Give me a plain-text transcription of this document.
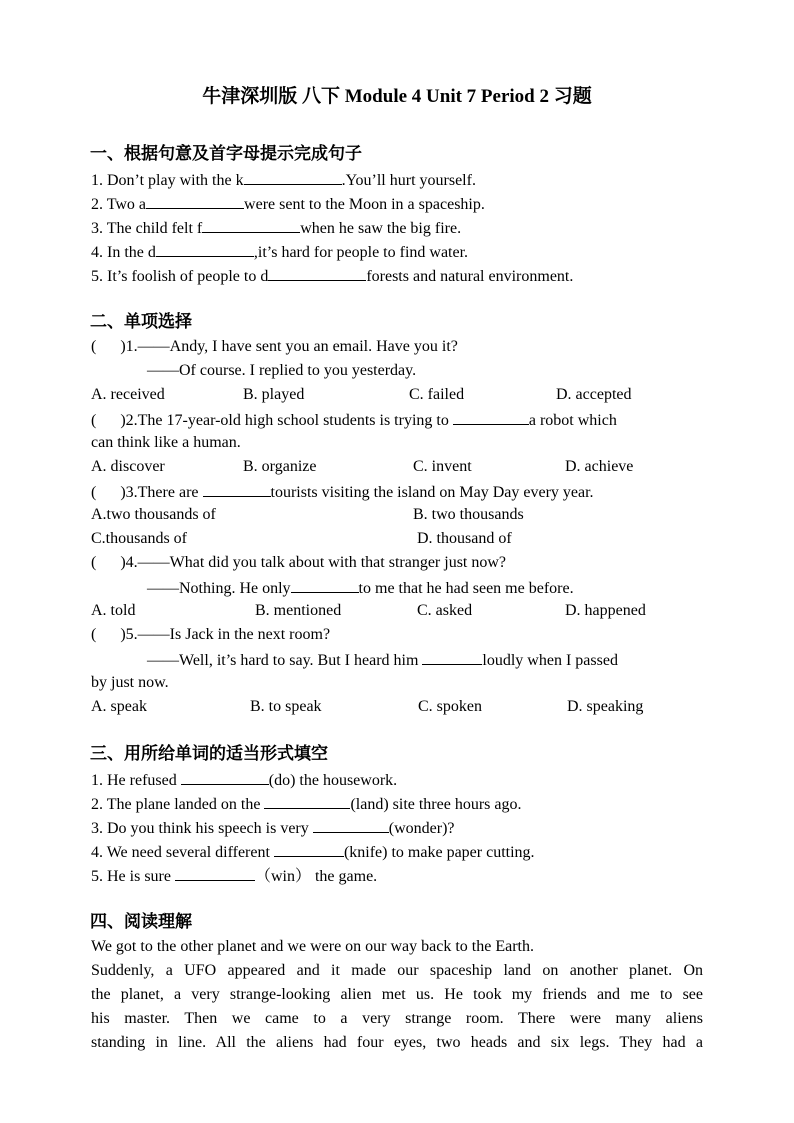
牛津深圳版 八下 Module 4 Unit 7 Period 2 习题
一、根据句意及首字母提示完成句子
1. Don’t play with the k	.You’ll hurt yourself.
2. Two a	were sent to the Moon in a spaceship.
3. The child felt f	when he saw the big fire.
4. In the d	,it’s hard for people to find water.
5. It’s foolish of people to d	forests and natural environment.
二、单项选择
(      )1.——Andy, I have sent you an email. Have you it?
——Of course. I replied to you yesterday.
A. received	B. played	C. failed	D. accepted
(      )2.The 17-year-old high school students is trying to	a robot which
can think like a human.
A. discover	B. organize	C. invent	D. achieve
(      )3.There are	tourists visiting the island on May Day every year.
A.two thousands of	B. two thousands
C.thousands of	D. thousand of
(      )4.——What did you talk about with that stranger just now?
——Nothing. He only	to me that he had seen me before.
A. told	B. mentioned	C. asked	D. happened
(      )5.——Is Jack in the next room?
——Well, it’s hard to say. But I heard him	loudly when I passed
by just now.
A. speak	B. to speak	C. spoken	D. speaking
三、用所给单词的适当形式填空
1. He refused	(do) the housework.
2. The plane landed on the	(land) site three hours ago.
3. Do you think his speech is very	(wonder)?
4. We need several different	(knife) to make paper cutting.
5. He is sure	（win） the game.
四、阅读理解
We got to the other planet and we were on our way back to the Earth.
Suddenly, a UFO appeared and it made our spaceship land on another planet. On
the planet, a very strange-looking alien met us. He took my friends and me to see
his master. Then we came to a very strange room. There were many aliens
standing in line. All the aliens had four eyes, two heads and six legs. They had a
